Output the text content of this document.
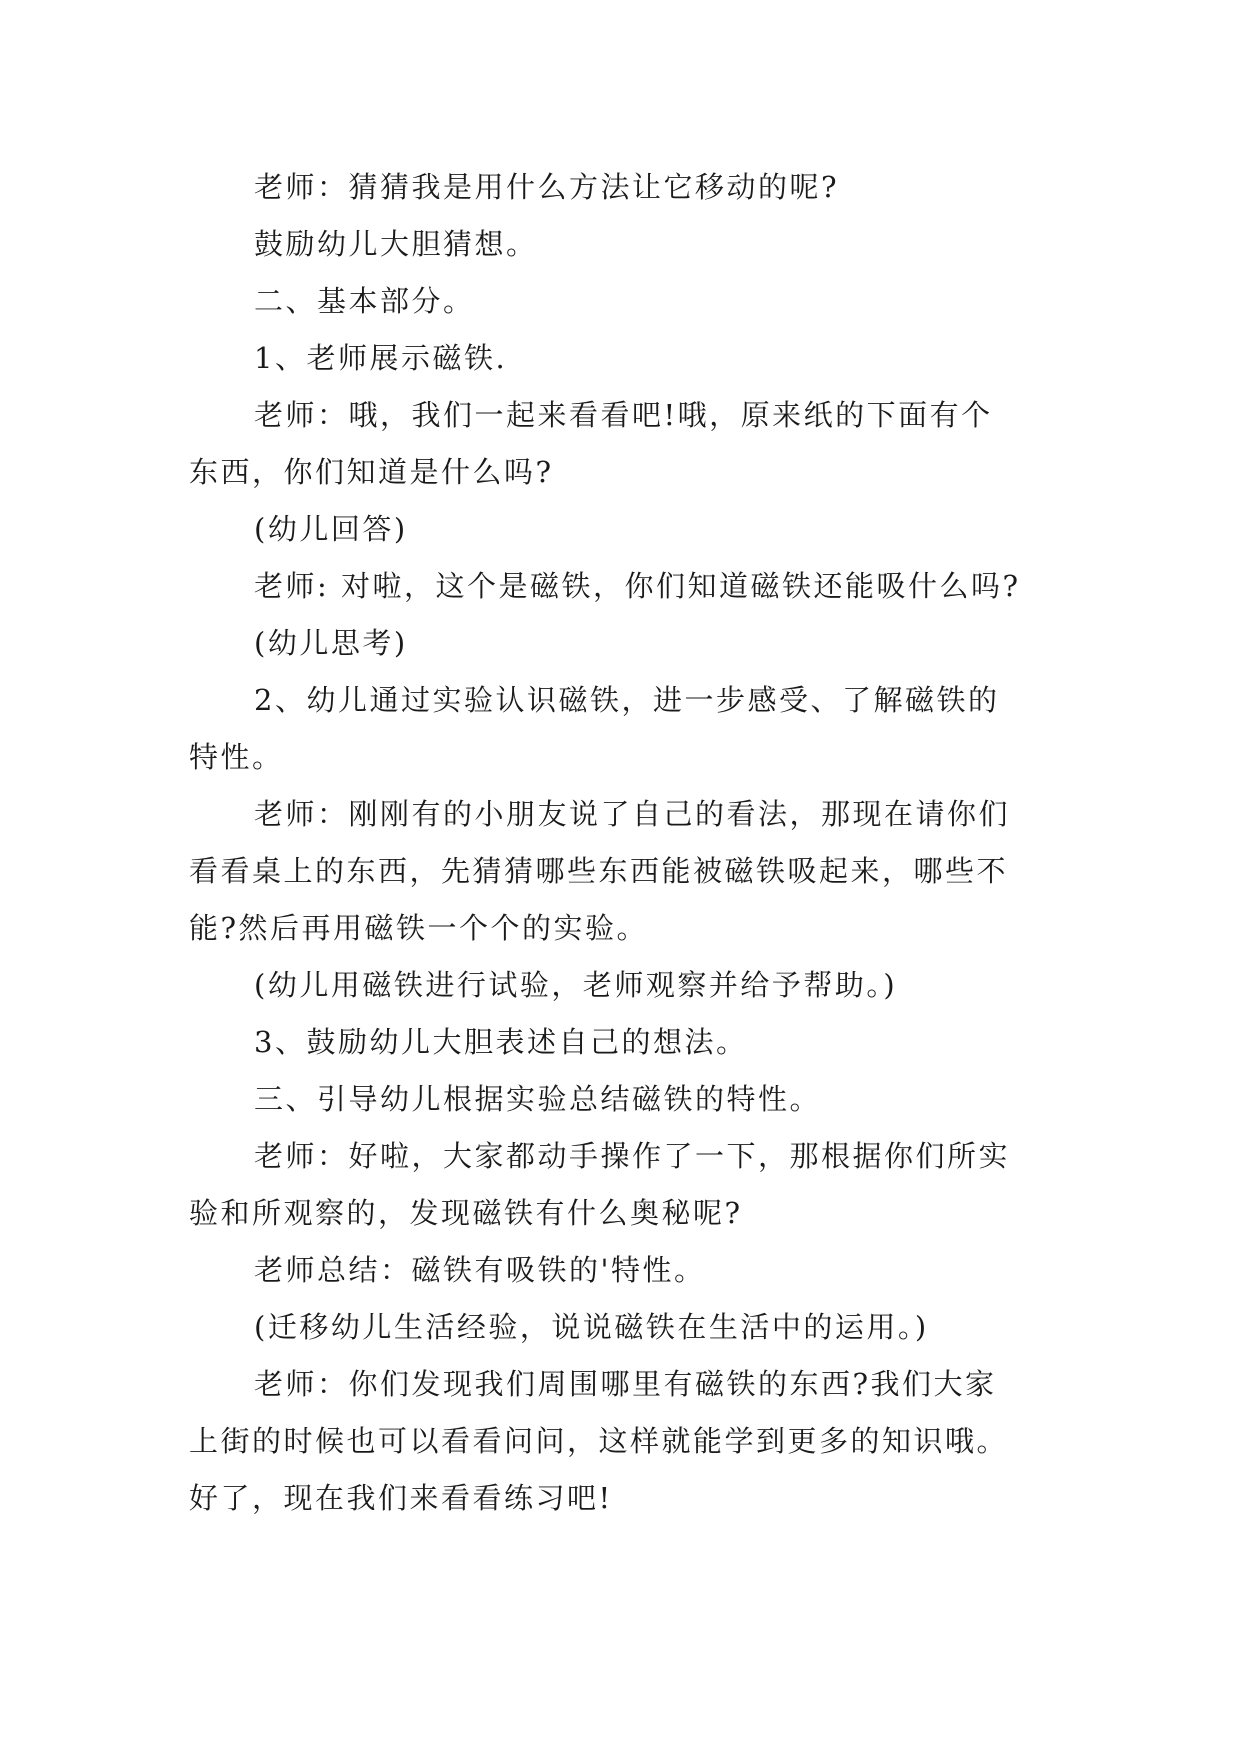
老师：猜猜我是用什么方法让它移动的呢?
鼓励幼儿大胆猜想。
二、基本部分。
1、老师展示磁铁.
老师：哦，我们一起来看看吧!哦，原来纸的下面有个
东西，你们知道是什么吗?
(幼儿回答)
老师: 对啦，这个是磁铁，你们知道磁铁还能吸什么吗?
(幼儿思考)
2、幼儿通过实验认识磁铁，进一步感受、了解磁铁的
特性。
老师：刚刚有的小朋友说了自己的看法，那现在请你们
看看桌上的东西，先猜猜哪些东西能被磁铁吸起来，哪些不
能?然后再用磁铁一个个的实验。
(幼儿用磁铁进行试验，老师观察并给予帮助。)
3、鼓励幼儿大胆表述自己的想法。
三、引导幼儿根据实验总结磁铁的特性。
老师：好啦，大家都动手操作了一下，那根据你们所实
验和所观察的，发现磁铁有什么奥秘呢?
老师总结：磁铁有吸铁的'特性。
(迁移幼儿生活经验，说说磁铁在生活中的运用。)
老师：你们发现我们周围哪里有磁铁的东西?我们大家
上街的时候也可以看看问问，这样就能学到更多的知识哦。
好了，现在我们来看看练习吧!
